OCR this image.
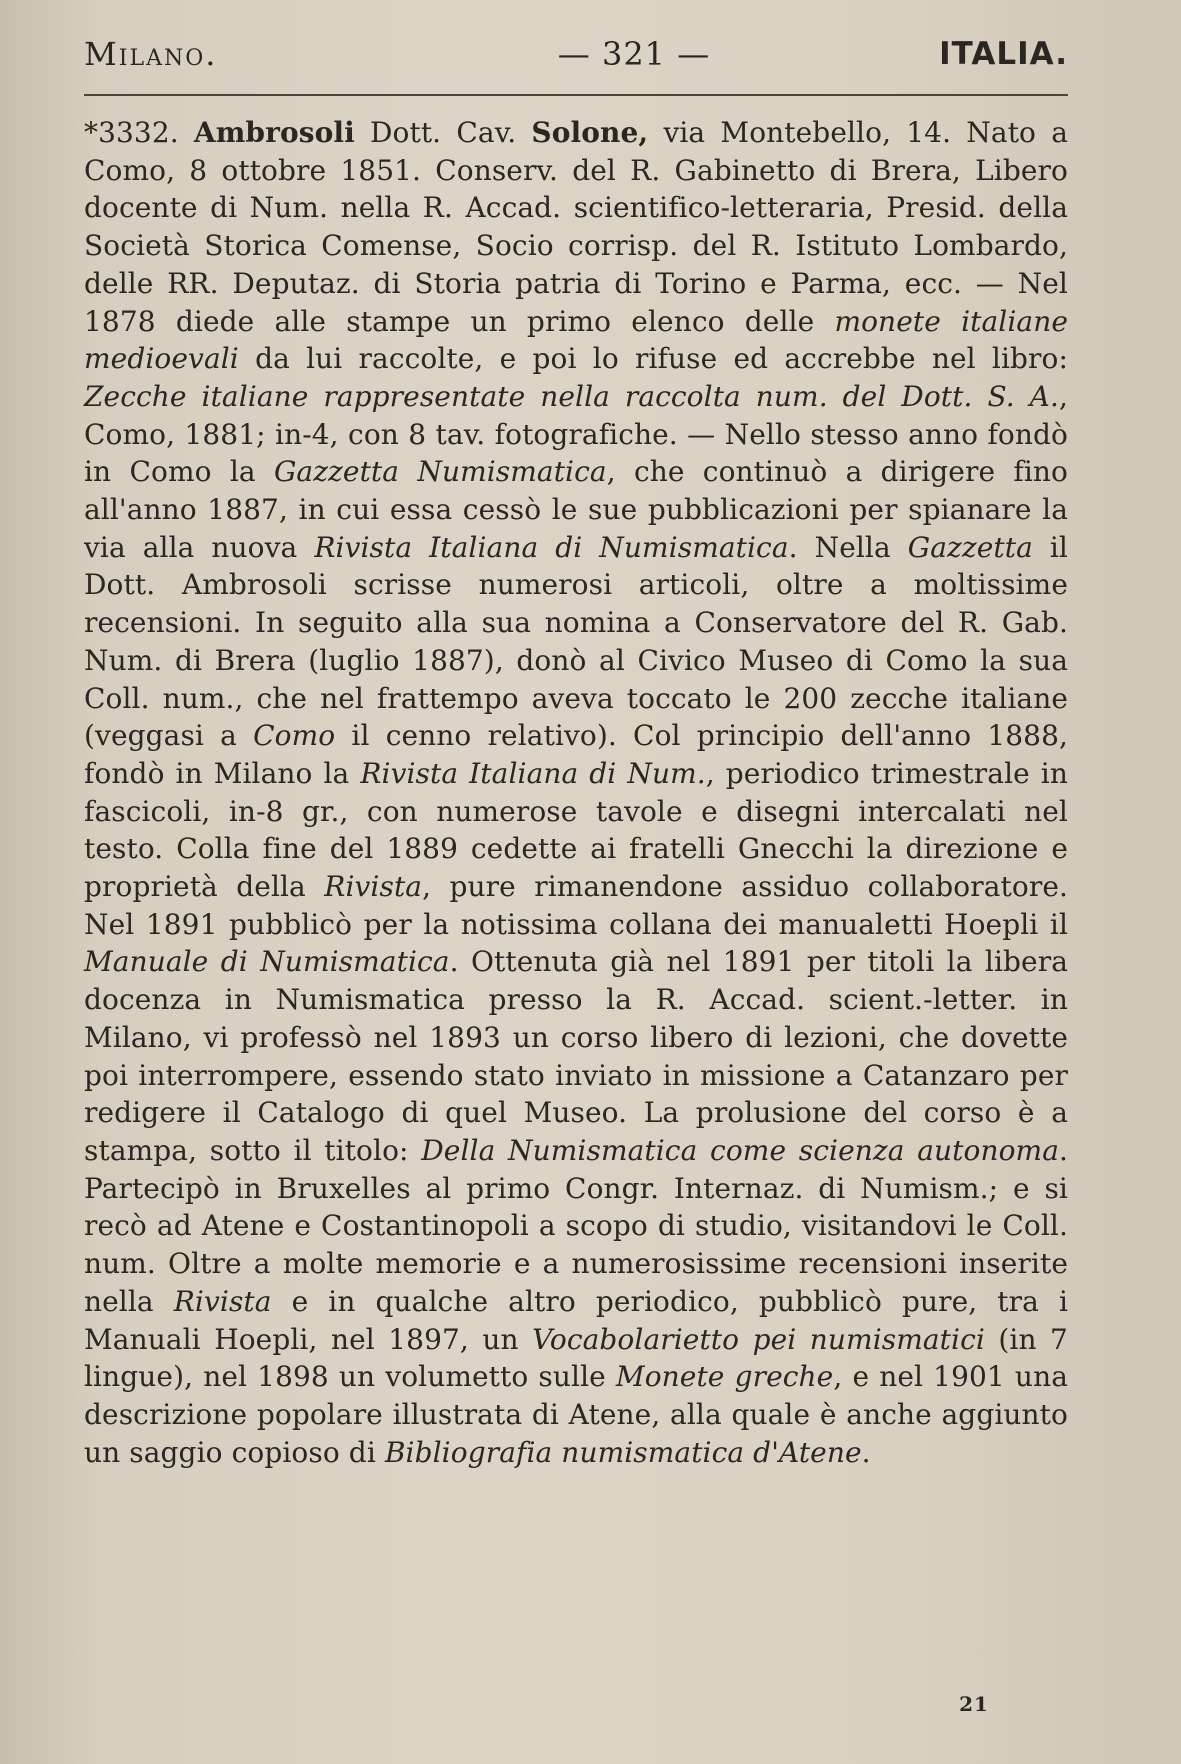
Milano.	— 321 —	ITALIA.
*3332. Ambrosoli Dott. Cav. Solone, via Montebello, 14. Nato a Como, 8 ottobre 1851. Conserv. del R. Gabinetto di Brera, Libero docente di Num. nella R. Accad. scientifico-letteraria, Presid. della Società Storica Comense, Socio corrisp. del R. Istituto Lombardo, delle RR. Deputaz. di Storia patria di Torino e Parma, ecc. — Nel 1878 diede alle stampe un primo elenco delle monete italiane medioevali da lui raccolte, e poi lo rifuse ed accrebbe nel libro: Zecche italiane rappresentate nella raccolta num. del Dott. S. A., Como, 1881; in-4, con 8 tav. fotografiche. — Nello stesso anno fondò in Como la Gazzetta Numismatica, che continuò a dirigere fino all'anno 1887, in cui essa cessò le sue pubblicazioni per spianare la via alla nuova Rivista Italiana di Numismatica. Nella Gazzetta il Dott. Ambrosoli scrisse numerosi articoli, oltre a moltissime recensioni. In seguito alla sua nomina a Conservatore del R. Gab. Num. di Brera (luglio 1887), donò al Civico Museo di Como la sua Coll. num., che nel frattempo aveva toccato le 200 zecche italiane (veggasi a Como il cenno relativo). Col principio dell'anno 1888, fondò in Milano la Rivista Italiana di Num., periodico trimestrale in fascicoli, in-8 gr., con numerose tavole e disegni intercalati nel testo. Colla fine del 1889 cedette ai fratelli Gnecchi la direzione e proprietà della Rivista, pure rimanendone assiduo collaboratore. Nel 1891 pubblicò per la notissima collana dei manualetti Hoepli il Manuale di Numismatica. Ottenuta già nel 1891 per titoli la libera docenza in Numismatica presso la R. Accad. scient.-letter. in Milano, vi professò nel 1893 un corso libero di lezioni, che dovette poi interrompere, essendo stato inviato in missione a Catanzaro per redigere il Catalogo di quel Museo. La prolusione del corso è a stampa, sotto il titolo: Della Numismatica come scienza autonoma. Partecipò in Bruxelles al primo Congr. Internaz. di Numism.; e si recò ad Atene e Costantinopoli a scopo di studio, visitandovi le Coll. num. Oltre a molte memorie e a numerosissime recensioni inserite nella Rivista e in qualche altro periodico, pubblicò pure, tra i Manuali Hoepli, nel 1897, un Vocabolarietto pei numismatici (in 7 lingue), nel 1898 un volumetto sulle Monete greche, e nel 1901 una descrizione popolare illustrata di Atene, alla quale è anche aggiunto un saggio copioso di Bibliografia numismatica d'Atene.
21
